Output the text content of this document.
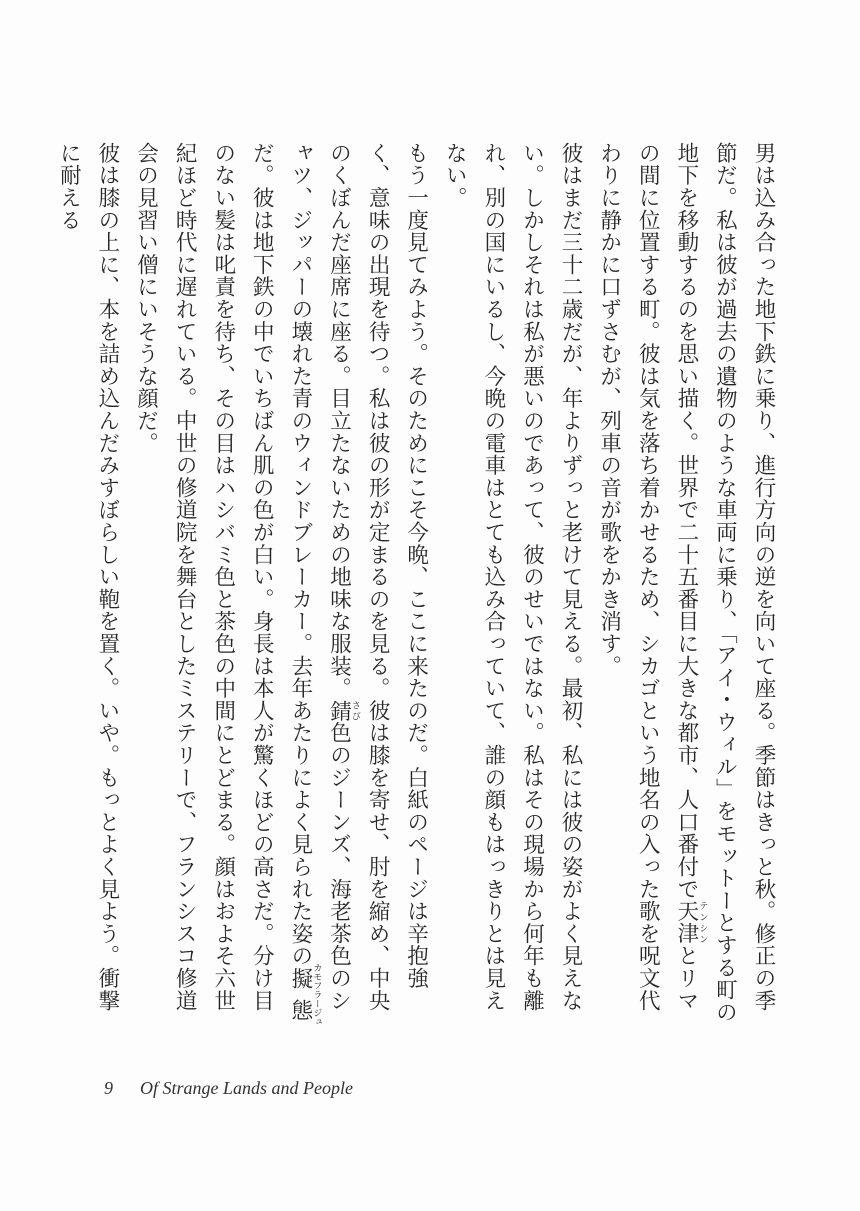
男は込み合った地下鉄に乗り、進行方向の逆を向いて座る。季節はきっと秋。修正の季節だ。私は彼が過去の遺物のような車両に乗り、「アイ・ウィル」をモットーとする町の地下を移動するのを思い描く。世界で二十五番目に大きな都市、人口番付で天津テンシンとリマの間に位置する町。彼は気を落ち着かせるため、シカゴという地名の入った歌を呪文代わりに静かに口ずさむが、列車の音が歌をかき消す。

彼はまだ三十二歳だが、年よりずっと老けて見える。最初、私には彼の姿がよく見えない。しかしそれは私が悪いのであって、彼のせいではない。私はその現場から何年も離れ、別の国にいるし、今晩の電車はとても込み合っていて、誰の顔もはっきりとは見えない。

もう一度見てみよう。そのためにこそ今晩、ここに来たのだ。白紙のページは辛抱強く、意味の出現を待つ。私は彼の形が定まるのを見る。彼は膝を寄せ、肘を縮め、中央のくぼんだ座席に座る。目立たないための地味な服装。錆さび色のジーンズ、海老茶色のシャツ、ジッパーの壊れた青のウィンドブレーカー。去年あたりによく見られた姿の擬態カモフラージュだ。彼は地下鉄の中でいちばん肌の色が白い。身長は本人が驚くほどの高さだ。分け目のない髪は叱責を待ち、その目はハシバミ色と茶色の中間にとどまる。顔はおよそ六世紀ほど時代に遅れている。中世の修道院を舞台としたミステリーで、フランシスコ修道会の見習い僧にいそうな顔だ。

彼は膝の上に、本を詰め込んだみすぼらしい鞄を置く。いや。もっとよく見よう。衝撃に耐える

9 Of Strange Lands and People
